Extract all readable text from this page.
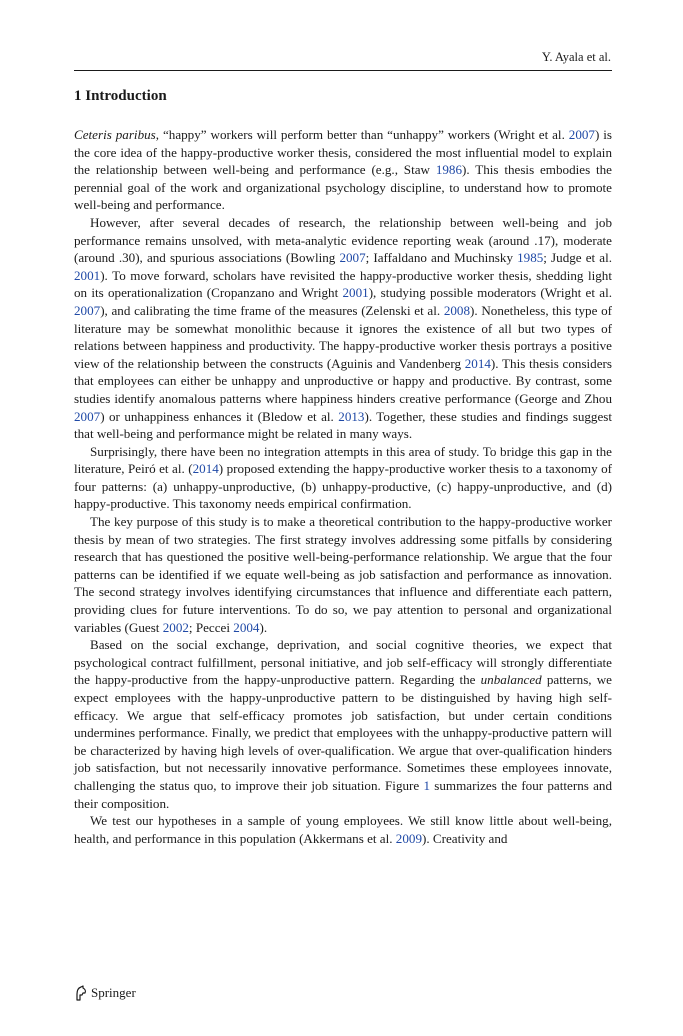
Y. Ayala et al.
1 Introduction

Ceteris paribus, “happy” workers will perform better than “unhappy” workers (Wright et al. 2007) is the core idea of the happy-productive worker thesis, considered the most influential model to explain the relationship between well-being and performance (e.g., Staw 1986). This thesis embodies the perennial goal of the work and organizational psychology discipline, to understand how to promote well-being and performance.

However, after several decades of research, the relationship between well-being and job performance remains unsolved, with meta-analytic evidence reporting weak (around .17), moderate (around .30), and spurious associations (Bowling 2007; Iaffaldano and Muchinsky 1985; Judge et al. 2001). To move forward, scholars have revisited the happy-productive worker thesis, shedding light on its operationalization (Cropanzano and Wright 2001), studying possible moderators (Wright et al. 2007), and calibrating the time frame of the measures (Zelenski et al. 2008). Nonetheless, this type of literature may be somewhat monolithic because it ignores the existence of all but two types of relations between happiness and productivity. The happy-productive worker thesis portrays a positive view of the relationship between the constructs (Aguinis and Vandenberg 2014). This thesis considers that employees can either be unhappy and unproductive or happy and productive. By contrast, some studies identify anomalous patterns where happiness hinders creative performance (George and Zhou 2007) or unhappiness enhances it (Bledow et al. 2013). Together, these studies and findings suggest that well-being and performance might be related in many ways.

Surprisingly, there have been no integration attempts in this area of study. To bridge this gap in the literature, Peiró et al. (2014) proposed extending the happy-productive worker thesis to a taxonomy of four patterns: (a) unhappy-unproductive, (b) unhappy-productive, (c) happy-unproductive, and (d) happy-productive. This taxonomy needs empirical confirmation.

The key purpose of this study is to make a theoretical contribution to the happy-productive worker thesis by mean of two strategies. The first strategy involves addressing some pitfalls by considering research that has questioned the positive well-being-performance relationship. We argue that the four patterns can be identified if we equate well-being as job satisfaction and performance as innovation. The second strategy involves identifying circumstances that influence and differentiate each pattern, providing clues for future interventions. To do so, we pay attention to personal and organizational variables (Guest 2002; Peccei 2004).

Based on the social exchange, deprivation, and social cognitive theories, we expect that psychological contract fulfillment, personal initiative, and job self-efficacy will strongly differentiate the happy-productive from the happy-unproductive pattern. Regarding the unbalanced patterns, we expect employees with the happy-unproductive pattern to be distinguished by having high self-efficacy. We argue that self-efficacy promotes job satisfaction, but under certain conditions undermines performance. Finally, we predict that employees with the unhappy-productive pattern will be characterized by having high levels of over-qualification. We argue that over-qualification hinders job satisfaction, but not necessarily innovative performance. Sometimes these employees innovate, challenging the status quo, to improve their job situation. Figure 1 summarizes the four patterns and their composition.

We test our hypotheses in a sample of young employees. We still know little about well-being, health, and performance in this population (Akkermans et al. 2009). Creativity and

Springer
